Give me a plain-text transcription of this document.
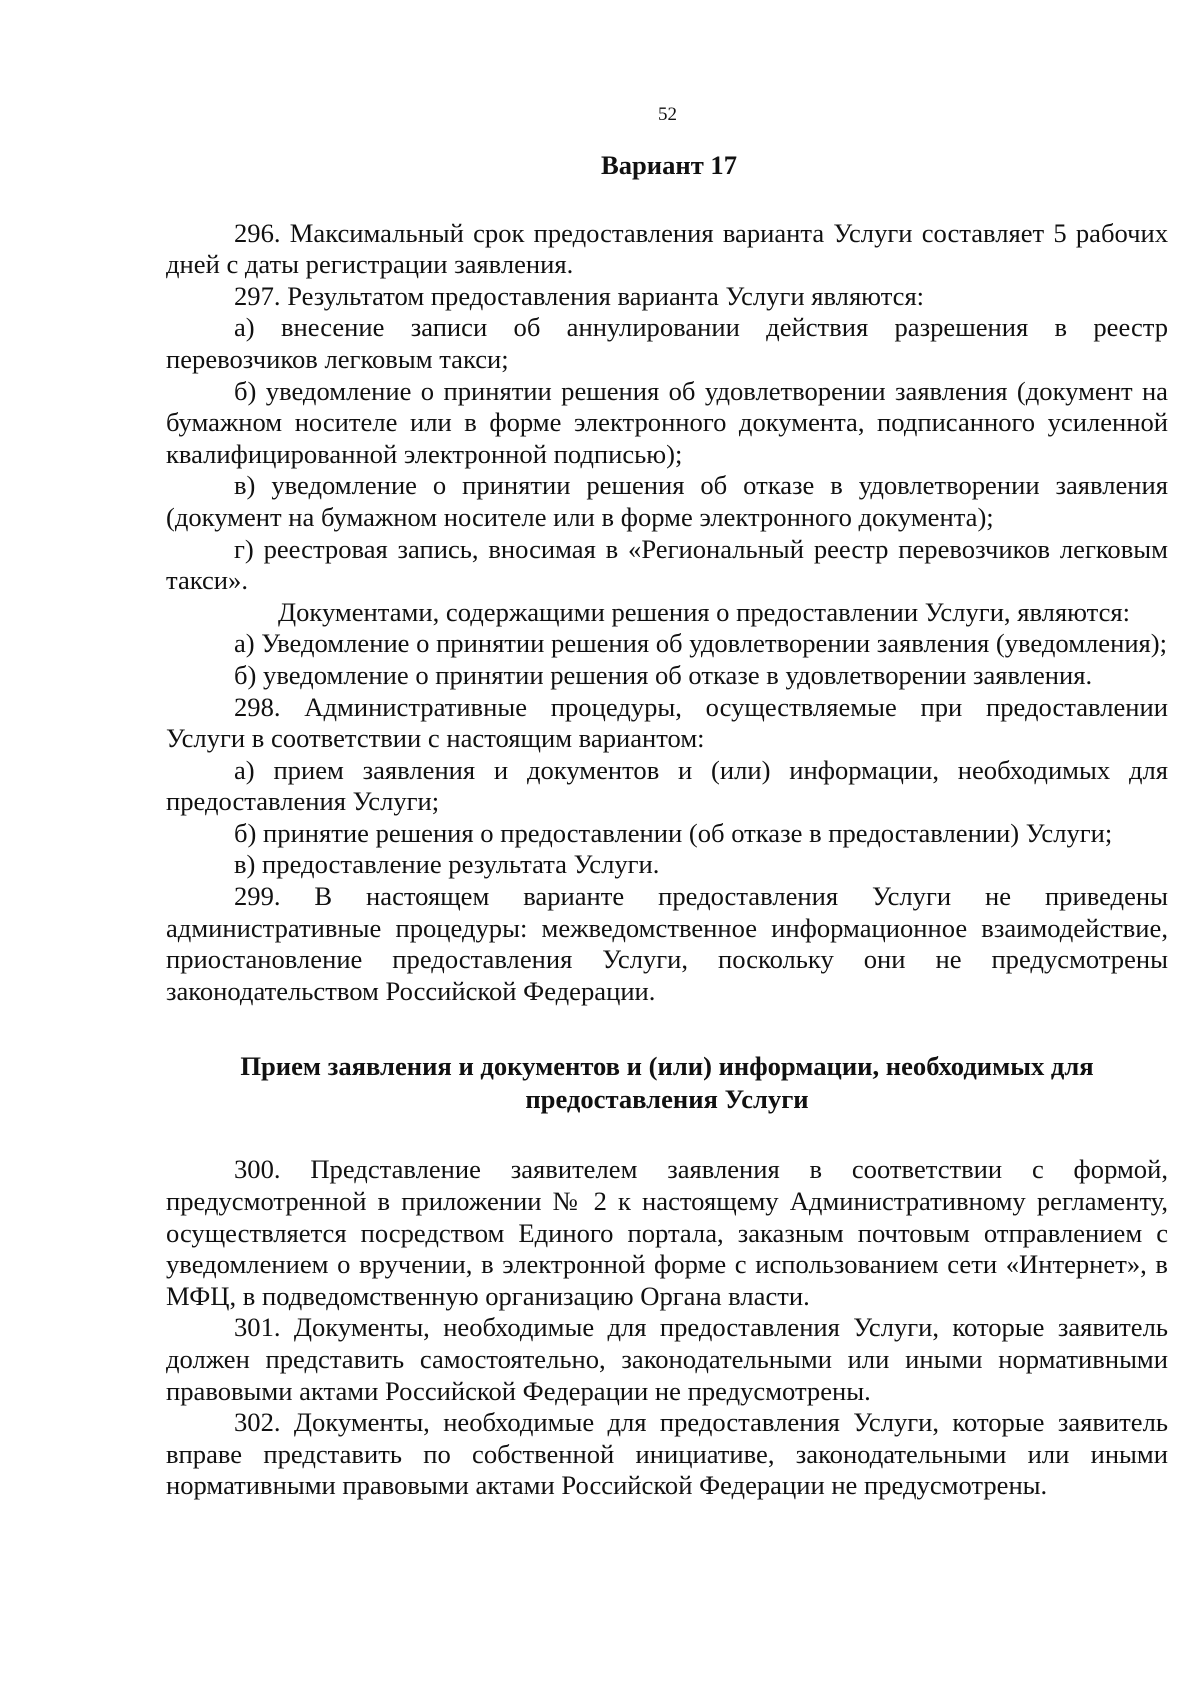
52

Вариант 17

296. Максимальный срок предоставления варианта Услуги составляет 5 рабочих дней с даты регистрации заявления.

297. Результатом предоставления варианта Услуги являются:

а) внесение записи об аннулировании действия разрешения в реестр перевозчиков легковым такси;

б) уведомление о принятии решения об удовлетворении заявления (документ на бумажном носителе или в форме электронного документа, подписанного усиленной квалифицированной электронной подписью);

в) уведомление о принятии решения об отказе в удовлетворении заявления (документ на бумажном носителе или в форме электронного документа);

г) реестровая запись, вносимая в «Региональный реестр перевозчиков легковым такси».

Документами, содержащими решения о предоставлении Услуги, являются:

а) Уведомление о принятии решения об удовлетворении заявления (уведомления);

б) уведомление о принятии решения об отказе в удовлетворении заявления.

298. Административные процедуры, осуществляемые при предоставлении Услуги в соответствии с настоящим вариантом:

а) прием заявления и документов и (или) информации, необходимых для предоставления Услуги;

б) принятие решения о предоставлении (об отказе в предоставлении) Услуги;

в) предоставление результата Услуги.

299. В настоящем варианте предоставления Услуги не приведены административные процедуры: межведомственное информационное взаимодействие, приостановление предоставления Услуги, поскольку они не предусмотрены законодательством Российской Федерации.

Прием заявления и документов и (или) информации, необходимых для
предоставления Услуги

300. Представление заявителем заявления в соответствии с формой, предусмотренной в приложении № 2 к настоящему Административному регламенту, осуществляется посредством Единого портала, заказным почтовым отправлением с уведомлением о вручении, в электронной форме с использованием сети «Интернет», в МФЦ, в подведомственную организацию Органа власти.

301. Документы, необходимые для предоставления Услуги, которые заявитель должен представить самостоятельно, законодательными или иными нормативными правовыми актами Российской Федерации не предусмотрены.

302. Документы, необходимые для предоставления Услуги, которые заявитель вправе представить по собственной инициативе, законодательными или иными нормативными правовыми актами Российской Федерации не предусмотрены.
